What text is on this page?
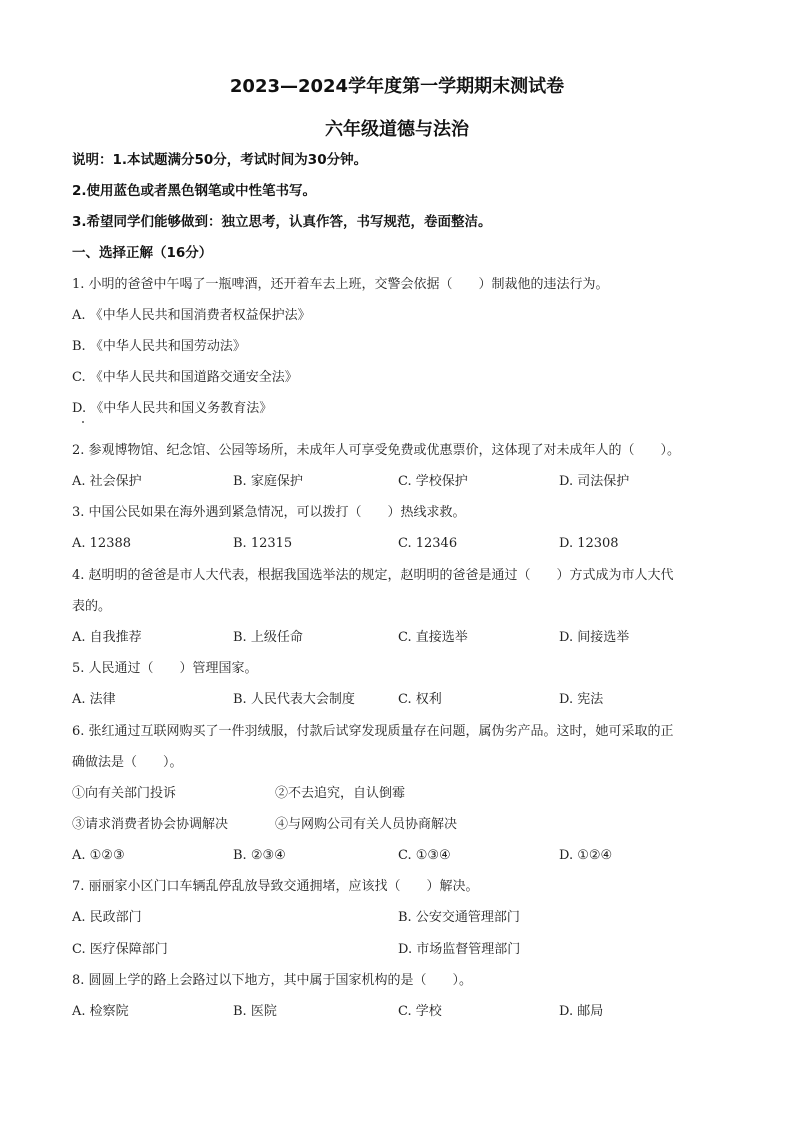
2023—2024学年度第一学期期末测试卷
六年级道德与法治
说明：1.本试题满分50分，考试时间为30分钟。
2.使用蓝色或者黑色钢笔或中性笔书写。
3.希望同学们能够做到：独立思考，认真作答，书写规范，卷面整洁。
一、选择正解（16分）
1. 小明的爸爸中午喝了一瓶啤酒，还开着车去上班，交警会依据（　　）制裁他的违法行为。
A. 《中华人民共和国消费者权益保护法》
B. 《中华人民共和国劳动法》
C. 《中华人民共和国道路交通安全法》
D. 《中华人民共和国义务教育法》
2. 参观博物馆、纪念馆、公园等场所，未成年人可享受免费或优惠票价，这体现了对未成年人的（　　）。
A. 社会保护	B. 家庭保护	C. 学校保护	D. 司法保护
3. 中国公民如果在海外遇到紧急情况，可以拨打（　　）热线求救。
A. 12388	B. 12315	C. 12346	D. 12308
4. 赵明明的爸爸是市人大代表，根据我国选举法的规定，赵明明的爸爸是通过（　　）方式成为市人大代
表的。
A. 自我推荐	B. 上级任命	C. 直接选举	D. 间接选举
5. 人民通过（　　）管理国家。
A. 法律	B. 人民代表大会制度	C. 权利	D. 宪法
6. 张红通过互联网购买了一件羽绒服，付款后试穿发现质量存在问题，属伪劣产品。这时，她可采取的正
确做法是（　　）。
①向有关部门投诉	②不去追究，自认倒霉
③请求消费者协会协调解决	④与网购公司有关人员协商解决
A. ①②③	B. ②③④	C. ①③④	D. ①②④
7. 丽丽家小区门口车辆乱停乱放导致交通拥堵，应该找（　　）解决。
A. 民政部门	B. 公安交通管理部门
C. 医疗保障部门	D. 市场监督管理部门
8. 圆圆上学的路上会路过以下地方，其中属于国家机构的是（　　）。
A. 检察院	B. 医院	C. 学校	D. 邮局
